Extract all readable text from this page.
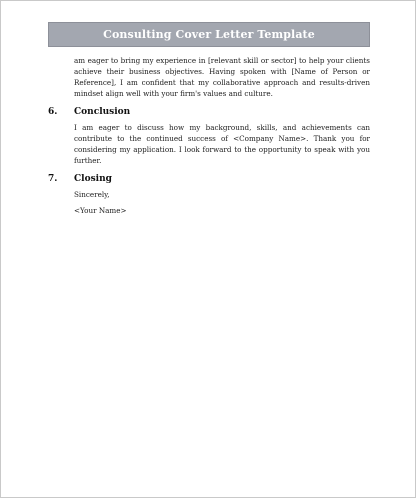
Consulting Cover Letter Template

am eager to bring my experience in [relevant skill or sector] to help your clients achieve their business objectives. Having spoken with [Name of Person or Reference], I am confident that my collaborative approach and results-driven mindset align well with your firm's values and culture.

6.	Conclusion

I am eager to discuss how my background, skills, and achievements can contribute to the continued success of <Company Name>. Thank you for considering my application. I look forward to the opportunity to speak with you further.

7.	Closing

Sincerely,

<Your Name>
